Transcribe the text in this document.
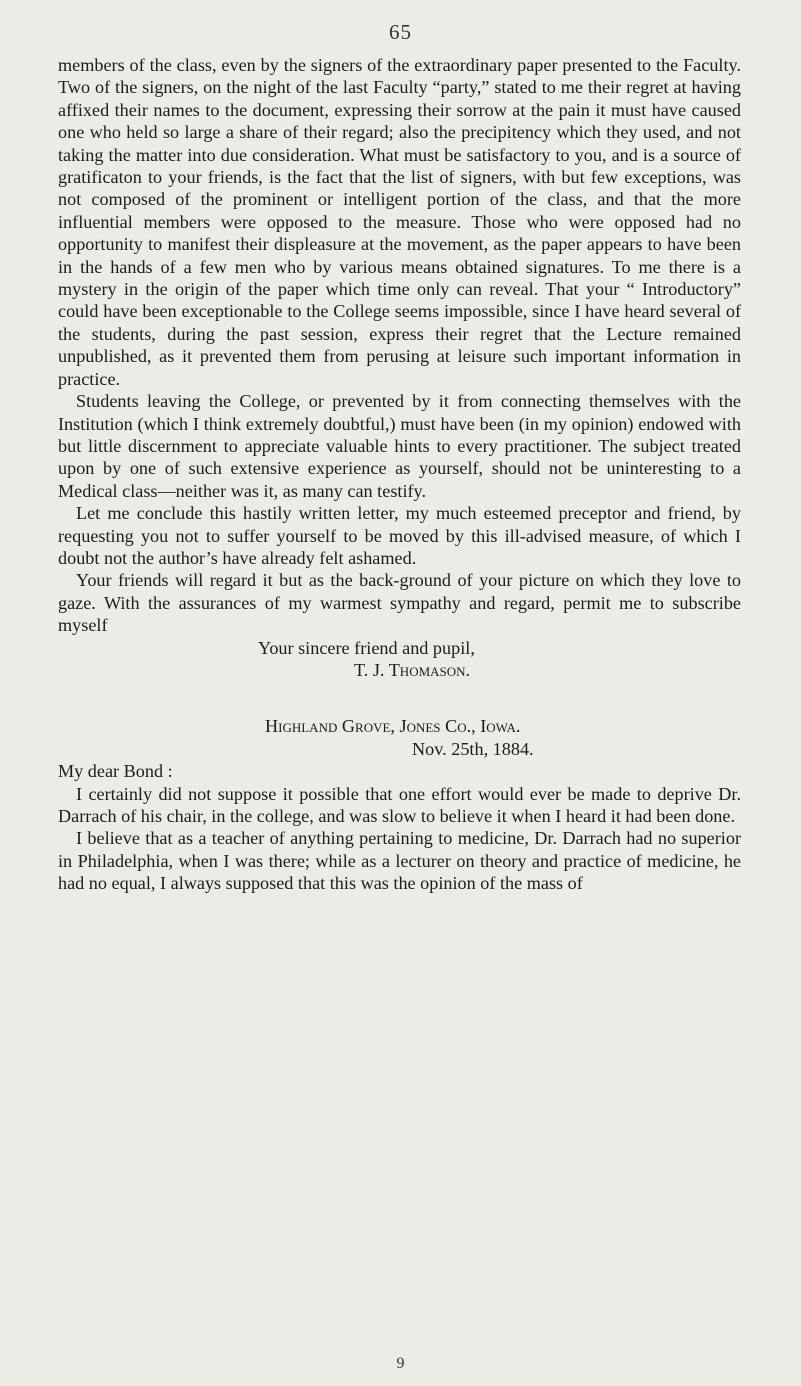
65

members of the class, even by the signers of the extraordinary paper presented to the Faculty. Two of the signers, on the night of the last Faculty “party,” stated to me their regret at having affixed their names to the document, expressing their sorrow at the pain it must have caused one who held so large a share of their regard; also the precipitency which they used, and not taking the matter into due consideration. What must be satisfactory to you, and is a source of gratificaton to your friends, is the fact that the list of signers, with but few exceptions, was not composed of the prominent or intelligent portion of the class, and that the more influential members were opposed to the measure. Those who were opposed had no opportunity to manifest their displeasure at the movement, as the paper appears to have been in the hands of a few men who by various means obtained signatures. To me there is a mystery in the origin of the paper which time only can reveal. That your “ Introductory” could have been exceptionable to the College seems impossible, since I have heard several of the students, during the past session, express their regret that the Lecture remained unpublished, as it prevented them from perusing at leisure such important information in practice.

Students leaving the College, or prevented by it from connecting themselves with the Institution (which I think extremely doubtful,) must have been (in my opinion) endowed with but little discernment to appreciate valuable hints to every practitioner. The subject treated upon by one of such extensive experience as yourself, should not be uninteresting to a Medical class—neither was it, as many can testify.

Let me conclude this hastily written letter, my much esteemed preceptor and friend, by requesting you not to suffer yourself to be moved by this ill-advised measure, of which I doubt not the author’s have already felt ashamed.

Your friends will regard it but as the back-ground of your picture on which they love to gaze. With the assurances of my warmest sympathy and regard, permit me to subscribe myself

Your sincere friend and pupil,

T. J. Thomason.

Highland Grove, Jones Co., Iowa.

Nov. 25th, 1884.

My dear Bond :

I certainly did not suppose it possible that one effort would ever be made to deprive Dr. Darrach of his chair, in the college, and was slow to believe it when I heard it had been done.

I believe that as a teacher of anything pertaining to medicine, Dr. Darrach had no superior in Philadelphia, when I was there; while as a lecturer on theory and practice of medicine, he had no equal, I always supposed that this was the opinion of the mass of

9
